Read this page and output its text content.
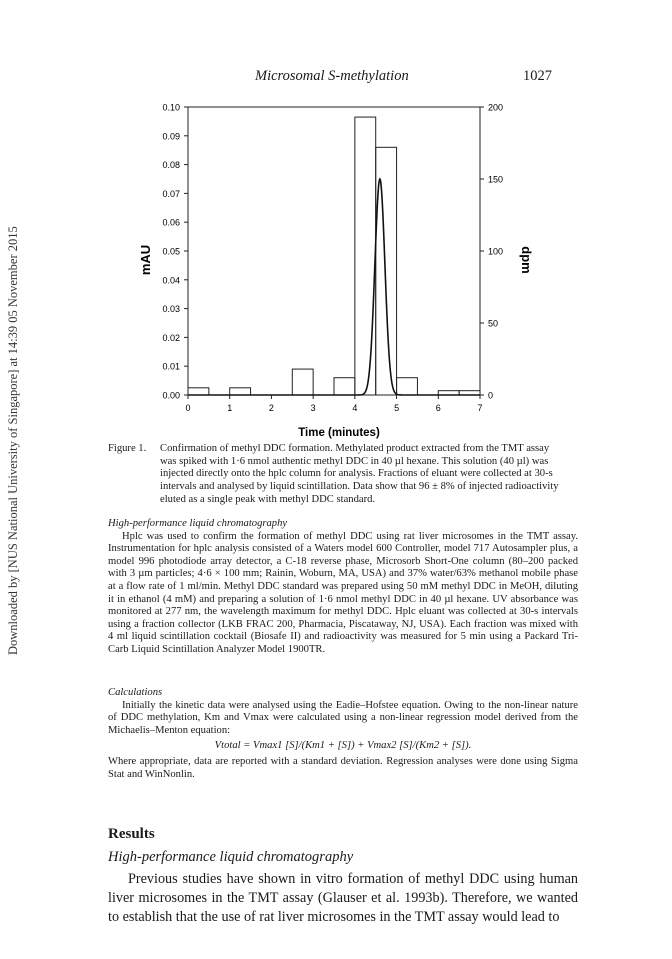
Microsomal S-methylation	1027
Downloaded by [NUS National University of Singapore] at 14:39 05 November 2015	0.00
0.01
0.02
0.03
0.04
0.05
0.06
0.07
0.08
0.09
0.10
0
50
100
150
200
0	1	2	3	4	5	6	7
mAU	dpm
Time (minutes)
Figure 1. Confirmation of methyl DDC formation. Methylated product extracted from the TMT assay
was spiked with 1·6 nmol authentic methyl DDC in 40 µl hexane. This solution (40 µl) was
injected directly onto the hplc column for analysis. Fractions of eluant were collected at 30-s
intervals and analysed by liquid scintillation. Data show that 96 ± 8% of injected radioactivity
eluted as a single peak with methyl DDC standard.
High-performance liquid chromatography

Hplc was used to confirm the formation of methyl DDC using rat liver microsomes in the TMT assay. Instrumentation for hplc analysis consisted of a Waters model 600 Controller, model 717 Autosampler plus, a model 996 photodiode array detector, a C-18 reverse phase, Microsorb Short-One column (80–200 packed with 3 µm particles; 4·6 × 100 mm; Rainin, Woburn, MA, USA) and 37% water/63% methanol mobile phase at a flow rate of 1 ml/min. Methyl DDC standard was prepared using 50 mM methyl DDC in MeOH, diluting it in ethanol (4 mM) and preparing a solution of 1·6 nmol methyl DDC in 40 µl hexane. UV absorbance was monitored at 277 nm, the wavelength maximum for methyl DDC. Hplc eluant was collected at 30-s intervals using a fraction collector (LKB FRAC 200, Pharmacia, Piscataway, NJ, USA). Each fraction was mixed with 4 ml liquid scintillation cocktail (Biosafe II) and radioactivity was measured for 5 min using a Packard Tri-Carb Liquid Scintillation Analyzer Model 1900TR.

Calculations

Initially the kinetic data were analysed using the Eadie–Hofstee equation. Owing to the non-linear nature of DDC methylation, Km and Vmax were calculated using a non-linear regression model derived from the Michaelis–Menton equation:

Vtotal = Vmax1 [S]/(Km1 + [S]) + Vmax2 [S]/(Km2 + [S]).
Where appropriate, data are reported with a standard deviation. Regression analyses were done using Sigma Stat and WinNonlin.
Results
High-performance liquid chromatography

Previous studies have shown in vitro formation of methyl DDC using human liver microsomes in the TMT assay (Glauser et al. 1993b). Therefore, we wanted to establish that the use of rat liver microsomes in the TMT assay would lead to
